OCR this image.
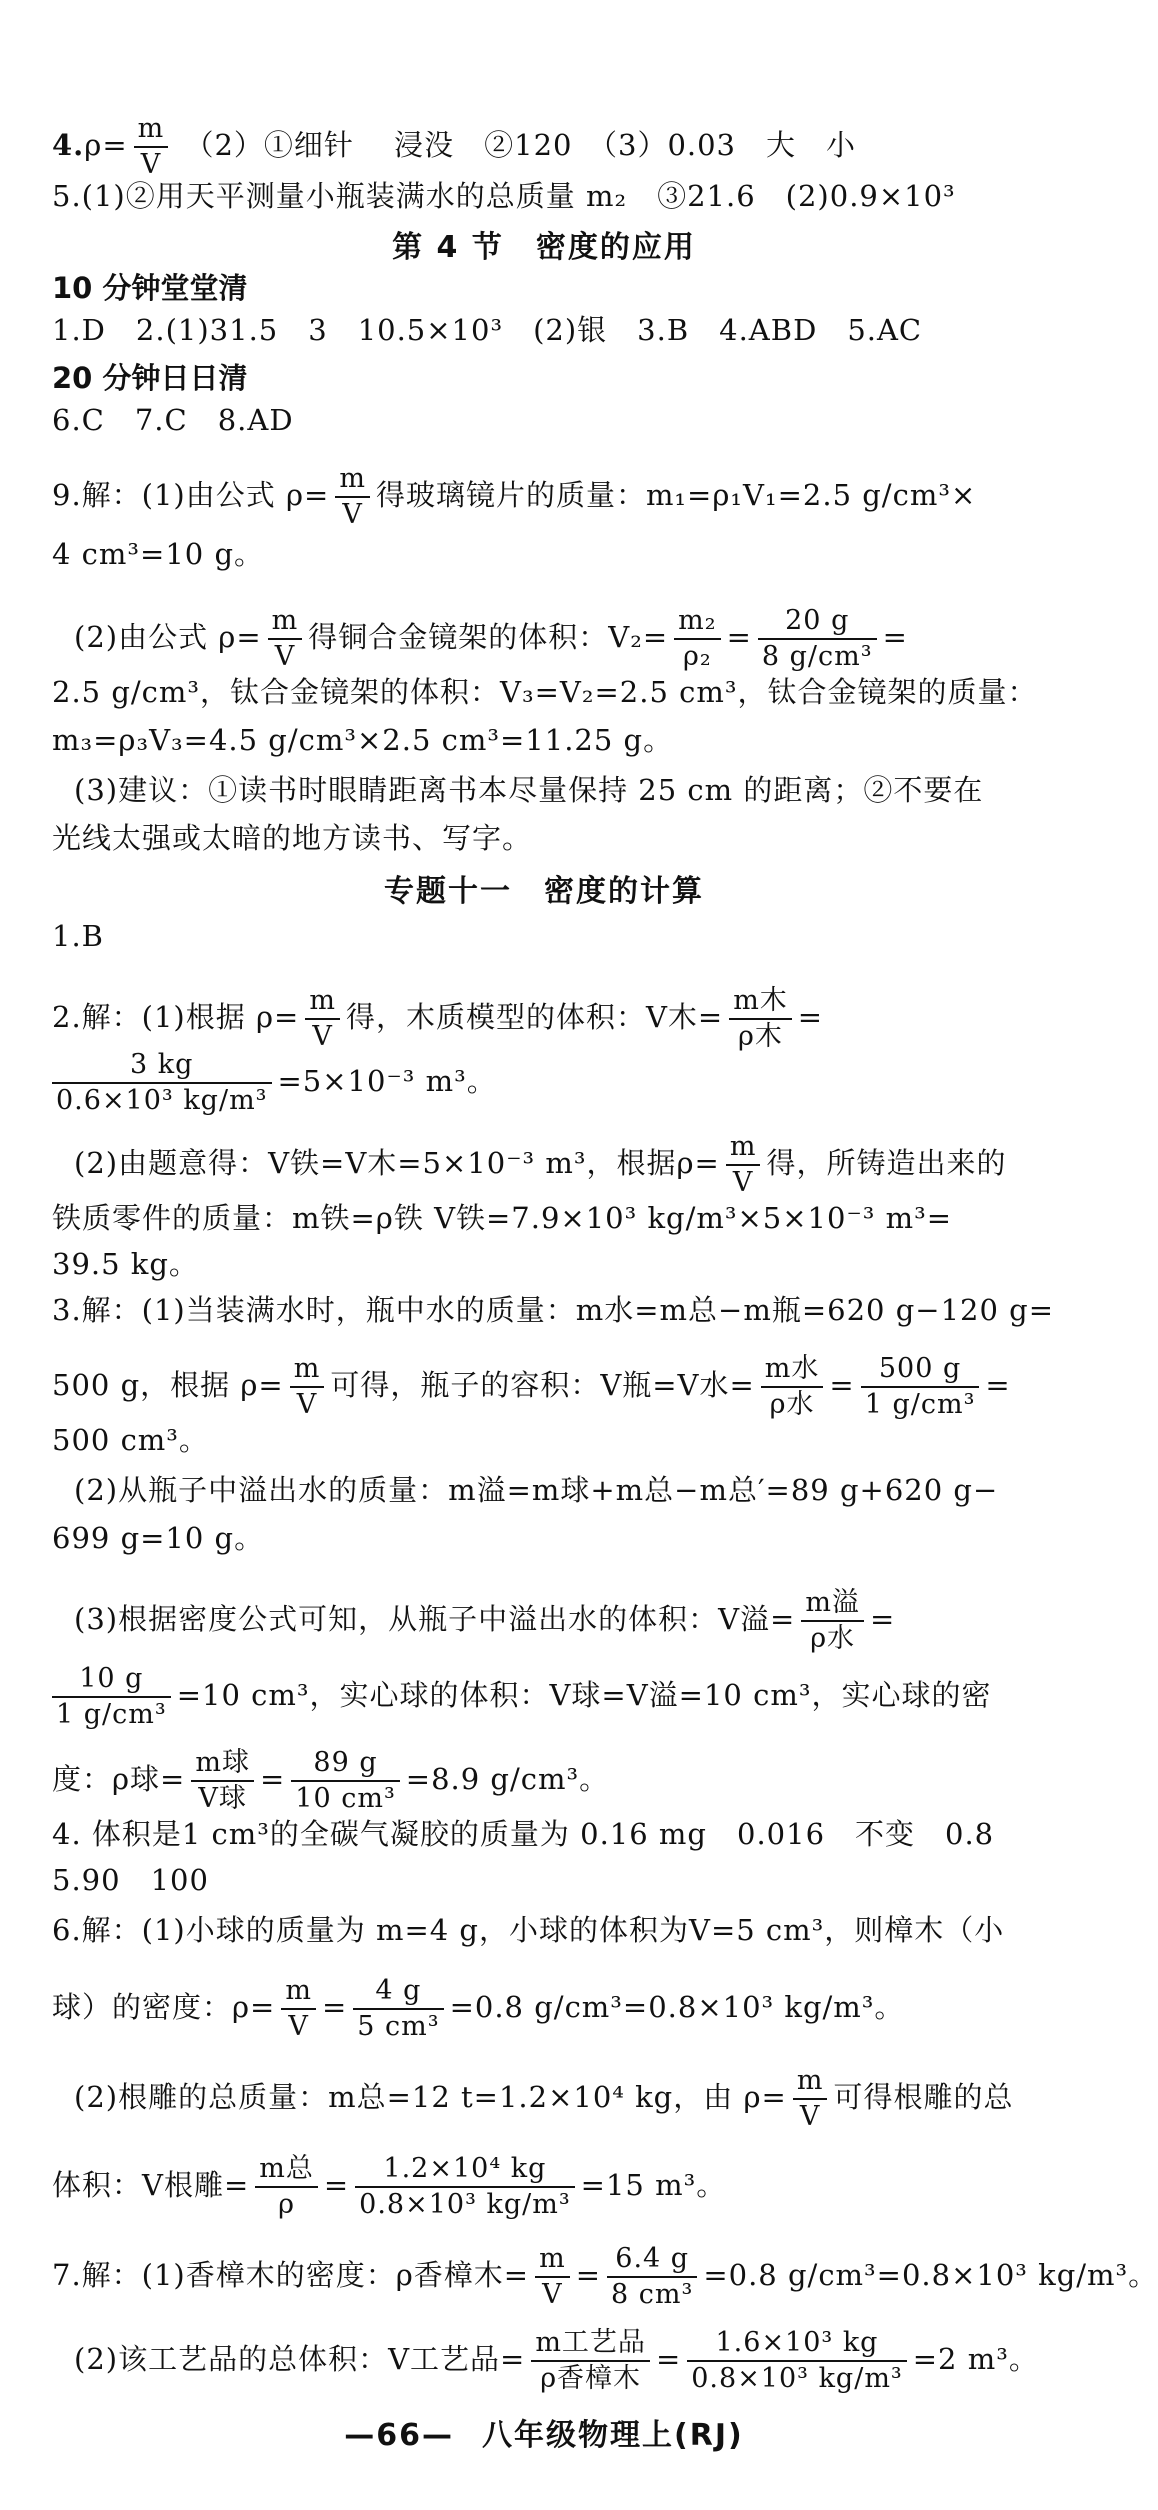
$4.\rho= \frac{m}{V}$ （2）①细针　 浸没　②120　（3）0.03　大　小
5.(1)②用天平测量小瓶装满水的总质量 m₂　③21.6　(2)0.9×10³
第 4 节　密度的应用
10 分钟堂堂清
1.D　2.(1)31.5　3　10.5×10³　(2)银　3.B　4.ABD　5.AC
20 分钟日日清
6.C　7.C　8.AD
9.解：(1)由公式 $\rho= \frac{m}{V}$ 得玻璃镜片的质量：m₁=ρ₁V₁=2.5 g/cm³×
4 cm³=10 g。
(2)由公式 $\rho= \frac{m}{V}$ 得铜合金镜架的体积：$V_2= \frac{\text{m₂}}{\text{ρ₂}} = \frac{20 g}{\text{8 g/cm³}}$ =
2.5 g/cm³，钛合金镜架的体积：V₃=V₂=2.5 cm³，钛合金镜架的质量：
m₃=ρ₃V₃=4.5 g/cm³×2.5 cm³=11.25 g。
(3)建议：①读书时眼睛距离书本尽量保持 25 cm 的距离；②不要在
光线太强或太暗的地方读书、写字。
专题十一　密度的计算
1.B
2.解：(1)根据 $\rho= \frac{m}{V}$ 得，木质模型的体积：V木= $\frac{\text{m木}}{\text{ρ木}}$ =
$\frac{3 kg}{\text{0.6×10³ kg/m³}} =5\times 10^{-3}$ m³。
(2)由题意得：V铁=V木=5×10⁻³ m³，根据$\rho= \frac{m}{V}$ 得，所铸造出来的
铁质零件的质量：m铁=ρ铁 V铁=7.9×10³ kg/m³×5×10⁻³ m³=
39.5 kg。
3.解：(1)当装满水时，瓶中水的质量：m水=m总−m瓶=620 g−120 g=
500 g，根据 $\rho= \frac{m}{V}$ 可得，瓶子的容积：V瓶=V水= $\frac{\text{m水}}{\text{ρ水}} = \frac{500 g}{\text{1 g/cm³}}$ =
500 cm³。
(2)从瓶子中溢出水的质量：m溢=m球+m总−m总′=89 g+620 g−
699 g=10 g。
(3)根据密度公式可知，从瓶子中溢出水的体积：V溢= $\frac{\text{m溢}}{\text{ρ水}}$ =
$\frac{10 g}{\text{1 g/cm³}} =10$ cm³，实心球的体积：V球=V溢=10 cm³，实心球的密
度：ρ球= $\frac{\text{m球}}{\text{V球}} = \frac{89 g}{\text{10 cm³}} =8.9$ g/cm³。
4. 体积是1 cm³的全碳气凝胶的质量为 0.16 mg　0.016　不变　0.8
5.90　100
6.解：(1)小球的质量为 m=4 g，小球的体积为V=5 cm³，则樟木（小
球）的密度：$\rho= \frac{m}{V} = \frac{4 g}{\text{5 cm³}} =0.8$ g/cm³=0.8×10³ kg/m³。
(2)根雕的总质量：m总=12 t=1.2×10⁴ kg，由 $\rho= \frac{m}{V}$ 可得根雕的总
体积：V根雕= $\frac{\text{m总}}{\rho} = \frac{\text{1.2×10⁴ kg}}{\text{0.8×10³ kg/m³}} =15$ m³。
7.解：(1)香樟木的密度：ρ香樟木= $\frac{m}{V} = \frac{6.4 g}{\text{8 cm³}} =0.8$ g/cm³=0.8×10³ kg/m³。
(2)该工艺品的总体积：V工艺品= $\frac{\text{m工艺品}}{\text{ρ香樟木}} = \frac{\text{1.6×10³ kg}}{\text{0.8×10³ kg/m³}} =2$ m³。
—66— 八年级物理上(RJ)
